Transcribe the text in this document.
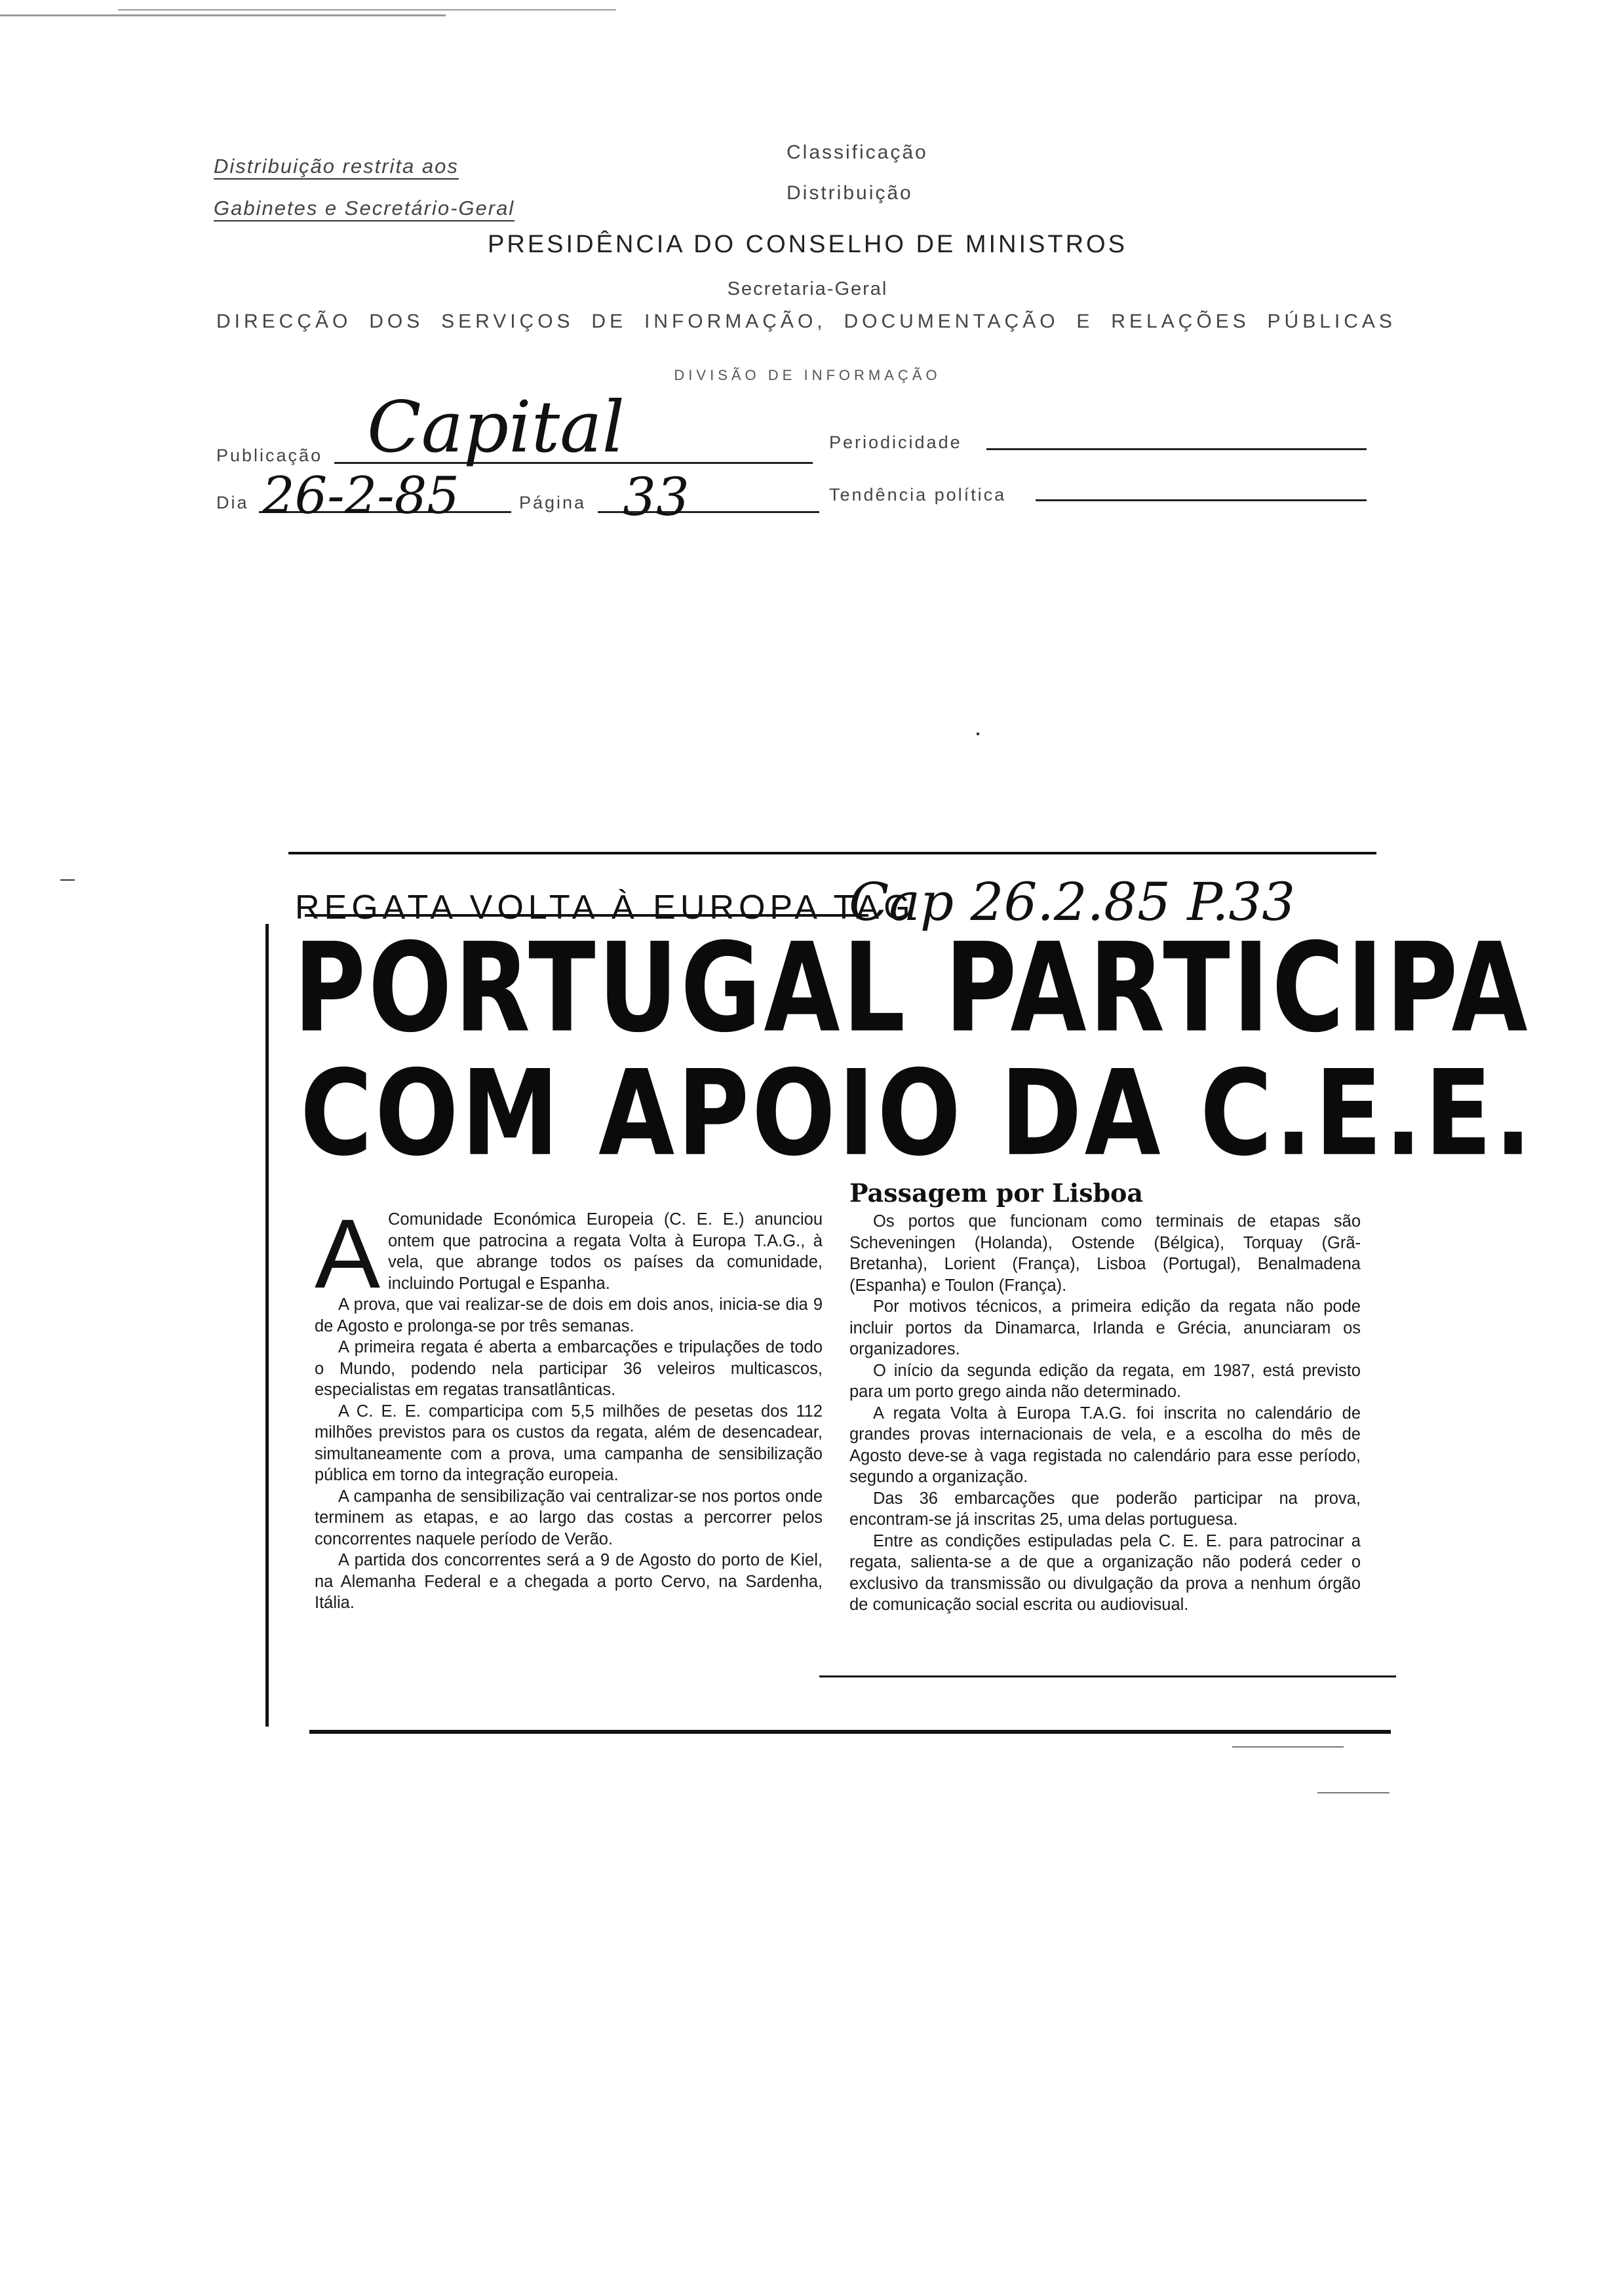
Distribuição restrita aos
Gabinetes e Secretário-Geral
Classificação
Distribuição
PRESIDÊNCIA DO CONSELHO DE MINISTROS
Secretaria-Geral
DIRECÇÃO DOS SERVIÇOS DE INFORMAÇÃO, DOCUMENTAÇÃO E RELAÇÕES PÚBLICAS
DIVISÃO DE INFORMAÇÃO
Publicação Capital	Periodicidade
Dia 26-2-85	Página 33	Tendência política
REGATA VOLTA À EUROPA TAG
Cap 26.2.85 P.33
PORTUGAL PARTICIPA
COM APOIO DA C.E.E.
A Comunidade Económica Europeia (C. E. E.) anunciou ontem que patrocina a regata Volta à Europa T.A.G., à vela, que abrange todos os países da comunidade, incluindo Portugal e Espanha.

A prova, que vai realizar-se de dois em dois anos, inicia-se dia 9 de Agosto e prolonga-se por três semanas.

A primeira regata é aberta a embarcações e tripulações de todo o Mundo, podendo nela participar 36 veleiros multicascos, especialistas em regatas transatlânticas.

A C. E. E. comparticipa com 5,5 milhões de pesetas dos 112 milhões previstos para os custos da regata, além de desencadear, simultaneamente com a prova, uma campanha de sensibilização pública em torno da integração europeia.

A campanha de sensibilização vai centralizar-se nos portos onde terminem as etapas, e ao largo das costas a percorrer pelos concorrentes naquele período de Verão.

A partida dos concorrentes será a 9 de Agosto do porto de Kiel, na Alemanha Federal e a chegada a porto Cervo, na Sardenha, Itália.

Passagem por Lisboa

Os portos que funcionam como terminais de etapas são Scheveningen (Holanda), Ostende (Bélgica), Torquay (Grã-Bretanha), Lorient (França), Lisboa (Portugal), Benalmadena (Espanha) e Toulon (França).

Por motivos técnicos, a primeira edição da regata não pode incluir portos da Dinamarca, Irlanda e Grécia, anunciaram os organizadores.

O início da segunda edição da regata, em 1987, está previsto para um porto grego ainda não determinado.

A regata Volta à Europa T.A.G. foi inscrita no calendário de grandes provas internacionais de vela, e a escolha do mês de Agosto deve-se à vaga registada no calendário para esse período, segundo a organização.

Das 36 embarcações que poderão participar na prova, encontram-se já inscritas 25, uma delas portuguesa.

Entre as condições estipuladas pela C. E. E. para patrocinar a regata, salienta-se a de que a organização não poderá ceder o exclusivo da transmissão ou divulgação da prova a nenhum órgão de comunicação social escrita ou audiovisual.
